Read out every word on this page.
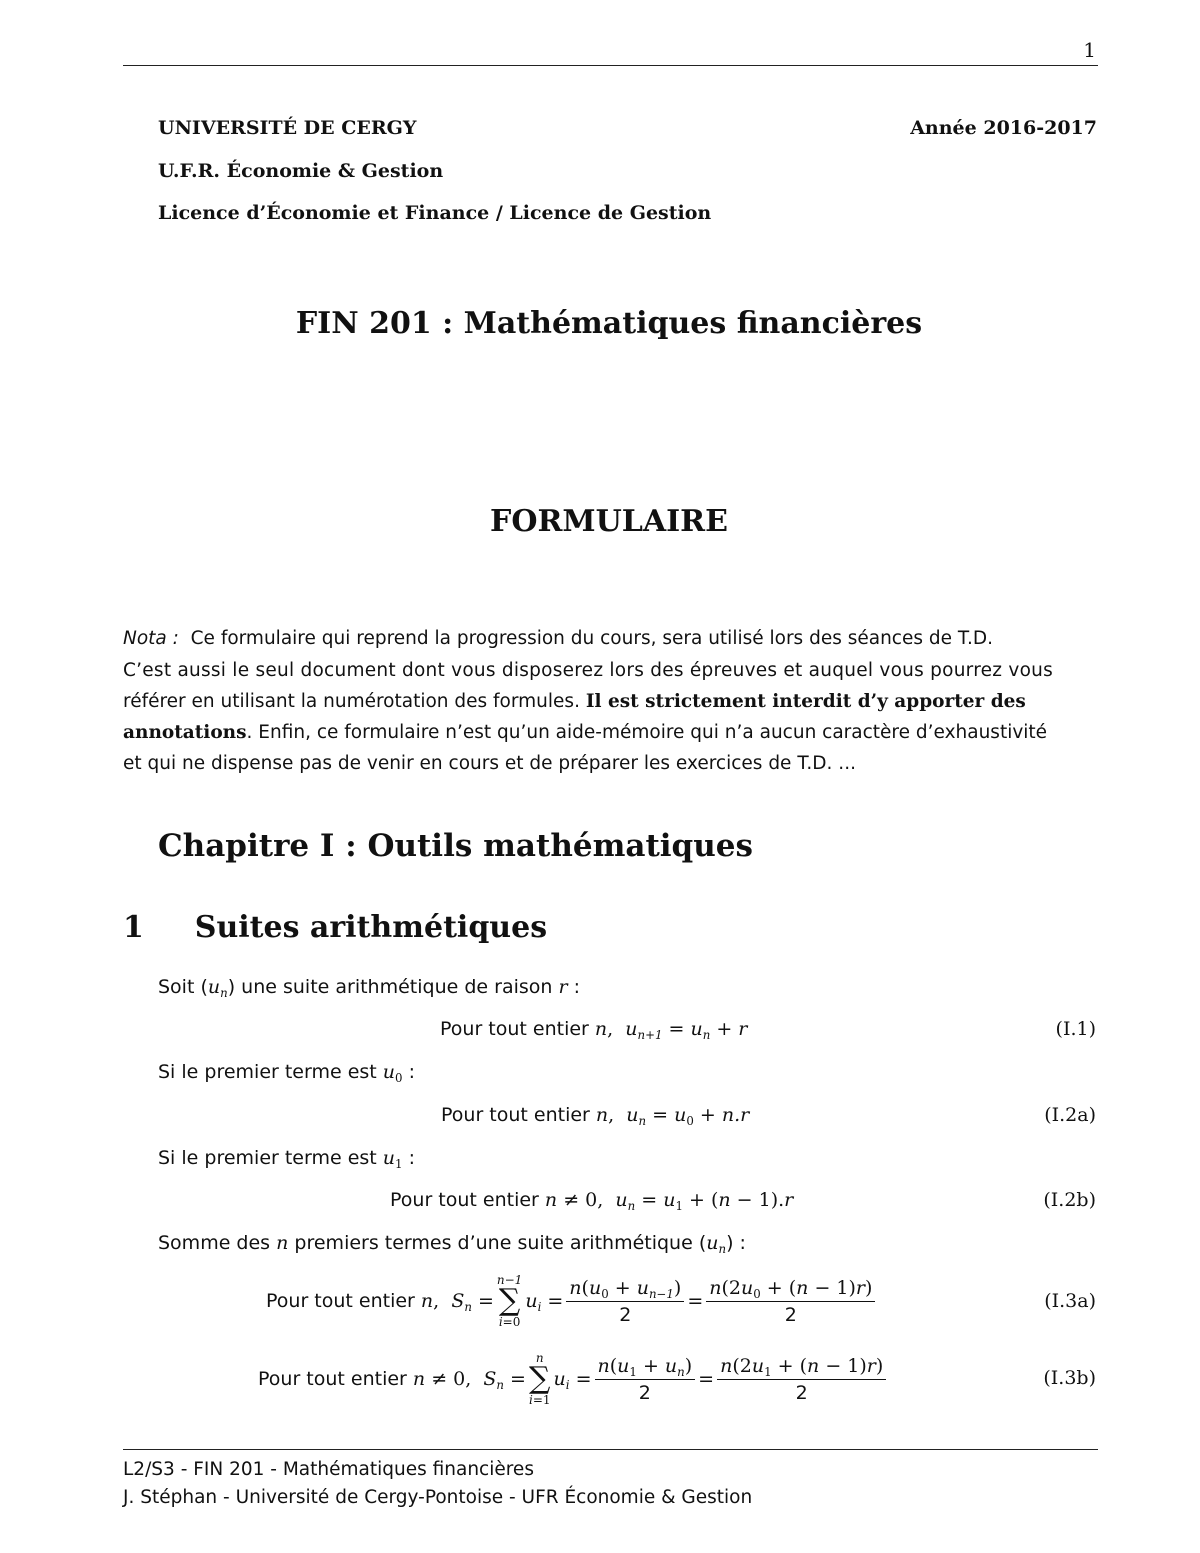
1
UNIVERSITÉ DE CERGY	Année 2016-2017
U.F.R. Économie & Gestion
Licence d’Économie et Finance / Licence de Gestion
FIN 201 : Mathématiques financières
FORMULAIRE
Nota : Ce formulaire qui reprend la progression du cours, sera utilisé lors des séances de T.D.
C’est aussi le seul document dont vous disposerez lors des épreuves et auquel vous pourrez vous
référer en utilisant la numérotation des formules. Il est strictement interdit d’y apporter des
annotations. Enfin, ce formulaire n’est qu’un aide-mémoire qui n’a aucun caractère d’exhaustivité
et qui ne dispense pas de venir en cours et de préparer les exercices de T.D. ...
Chapitre I : Outils mathématiques
1 Suites arithmétiques
Soit $(u_n)$ une suite arithmétique de raison r :
Pour tout entier n, $u_{n+1} = u_n + r$	(I.1)
Si le premier terme est $u_0$ :
Pour tout entier n, $u_n = u_0 + n.r$	(I.2a)
Si le premier terme est $u_1$ :
Pour tout entier n ≠ 0, $u_n = u_1 + (n - 1).r$	(I.2b)
Somme des n premiers termes d’une suite arithmétique $(u_n)$ :
Pour tout entier
n,
$S_n$
=
n−1
∑
i=0
$u_i$
= $\frac{n(u_0 + u_{n-1})}{2} = \frac{n(2u_0 + (n - 1)r)}{2}$	(I.3a)
Pour tout entier
n ≠ 0,
$S_n$
=
n
∑
i=1
$u_i$
= $\frac{n(u_1 + u_n)}{2} = \frac{n(2u_1 + (n - 1)r)}{2}$	(I.3b)
L2/S3 - FIN 201 - Mathématiques financières
J. Stéphan - Université de Cergy-Pontoise - UFR Économie & Gestion
